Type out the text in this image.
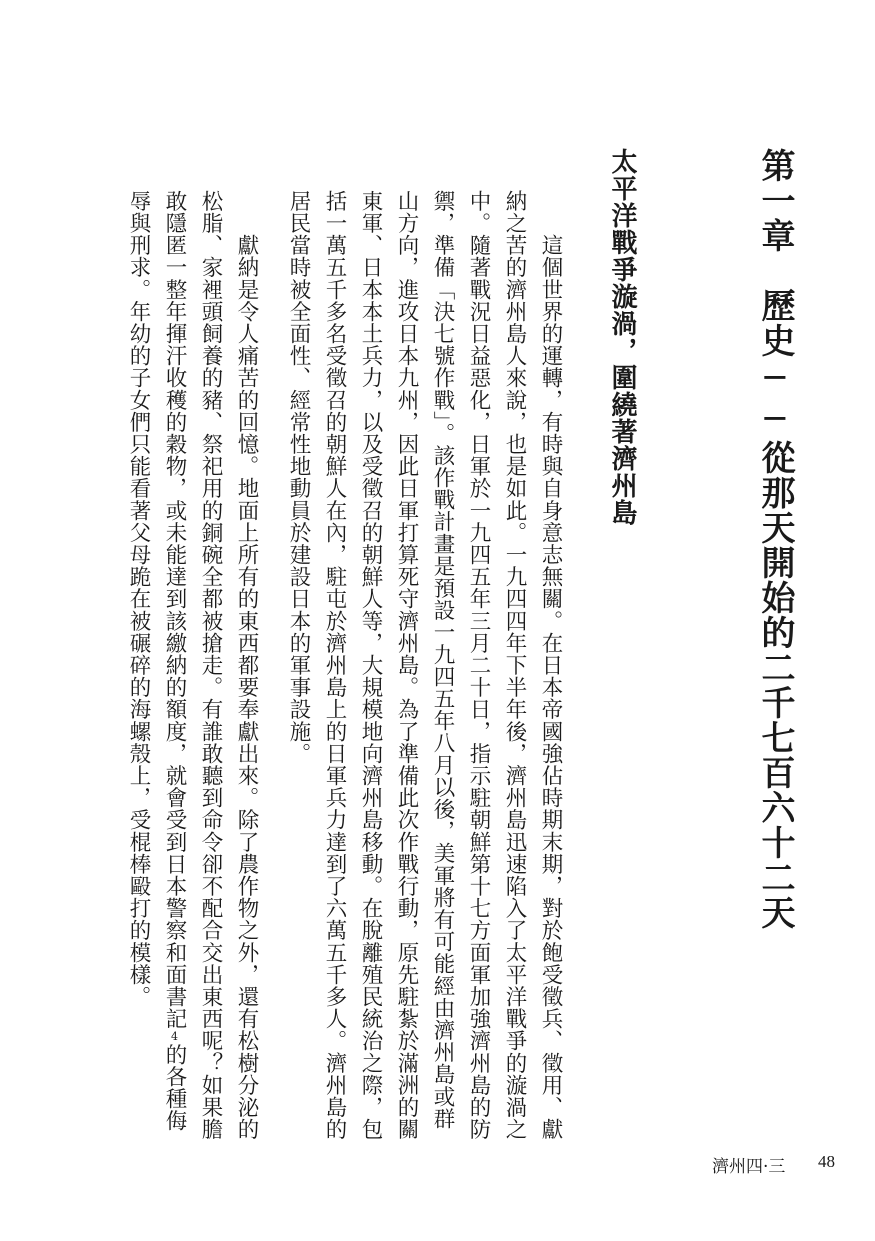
第一章　歷史──從那天開始的二千七百六十二天
太平洋戰爭漩渦，圍繞著濟州島
　　這個世界的運轉，有時與自身意志無關。在日本帝國強佔時期末期，對於飽受徵兵、徵用、獻
納之苦的濟州島人來說，也是如此。一九四四年下半年後，濟州島迅速陷入了太平洋戰爭的漩渦之
中。隨著戰況日益惡化，日軍於一九四五年三月二十日，指示駐朝鮮第十七方面軍加強濟州島的防
禦，準備「決七號作戰」。該作戰計畫是預設一九四五年八月以後，美軍將有可能經由濟州島或群
山方向，進攻日本九州，因此日軍打算死守濟州島。為了準備此次作戰行動，原先駐紮於滿洲的關
東軍、日本本土兵力，以及受徵召的朝鮮人等，大規模地向濟州島移動。在脫離殖民統治之際，包
括一萬五千多名受徵召的朝鮮人在內，駐屯於濟州島上的日軍兵力達到了六萬五千多人。濟州島的
居民當時被全面性、經常性地動員於建設日本的軍事設施。
　　獻納是令人痛苦的回憶。地面上所有的東西都要奉獻出來。除了農作物之外，還有松樹分泌的
松脂、家裡頭飼養的豬、祭祀用的銅碗全都被搶走。有誰敢聽到命令卻不配合交出東西呢？如果膽
敢隱匿一整年揮汗收穫的穀物，或未能達到該繳納的額度，就會受到日本警察和面書記4的各種侮
辱與刑求。年幼的子女們只能看著父母跪在被碾碎的海螺殼上，受棍棒毆打的模樣。
濟州四·三 48
